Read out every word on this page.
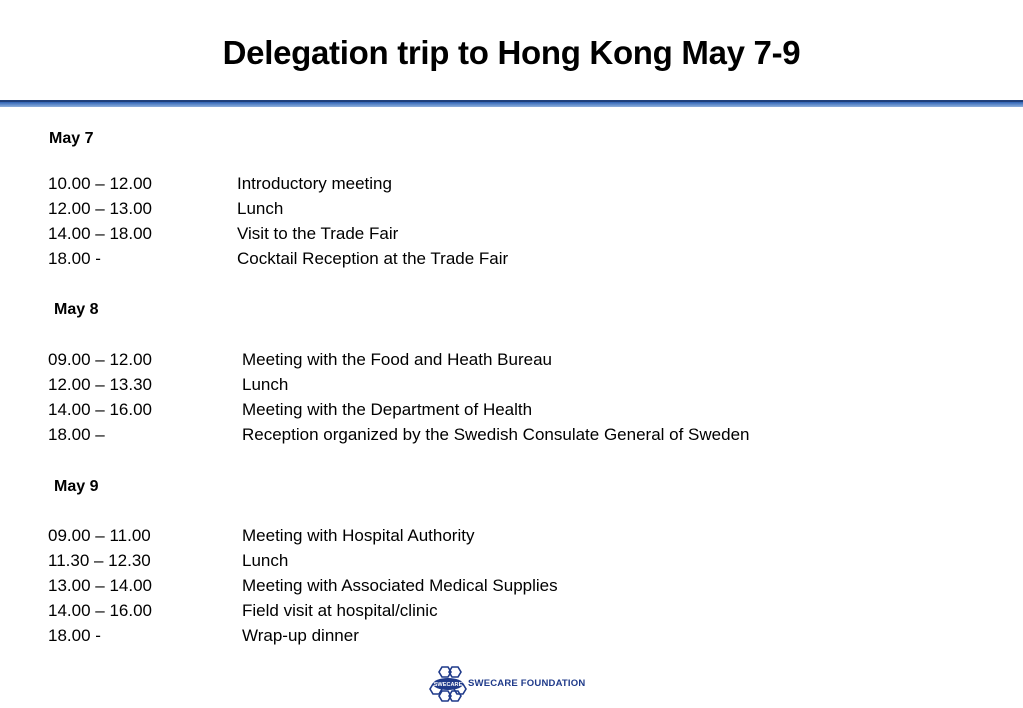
Delegation trip to Hong Kong May 7-9
May 7
10.00 – 12.00	Introductory meeting
12.00 – 13.00	Lunch
14.00 – 18.00	Visit to the Trade Fair
18.00 -	Cocktail Reception at the Trade Fair
May 8
09.00 – 12.00	Meeting with the Food and Heath Bureau
12.00 – 13.30	Lunch
14.00 – 16.00	Meeting with the Department of Health
18.00 –	Reception organized by the Swedish Consulate General of Sweden
May 9
09.00 – 11.00	Meeting with Hospital Authority
11.30 – 12.30	Lunch
13.00 – 14.00	Meeting with Associated Medical Supplies
14.00 – 16.00	Field visit at hospital/clinic
18.00 -	Wrap-up dinner
SWECARE SWECARE FOUNDATION
